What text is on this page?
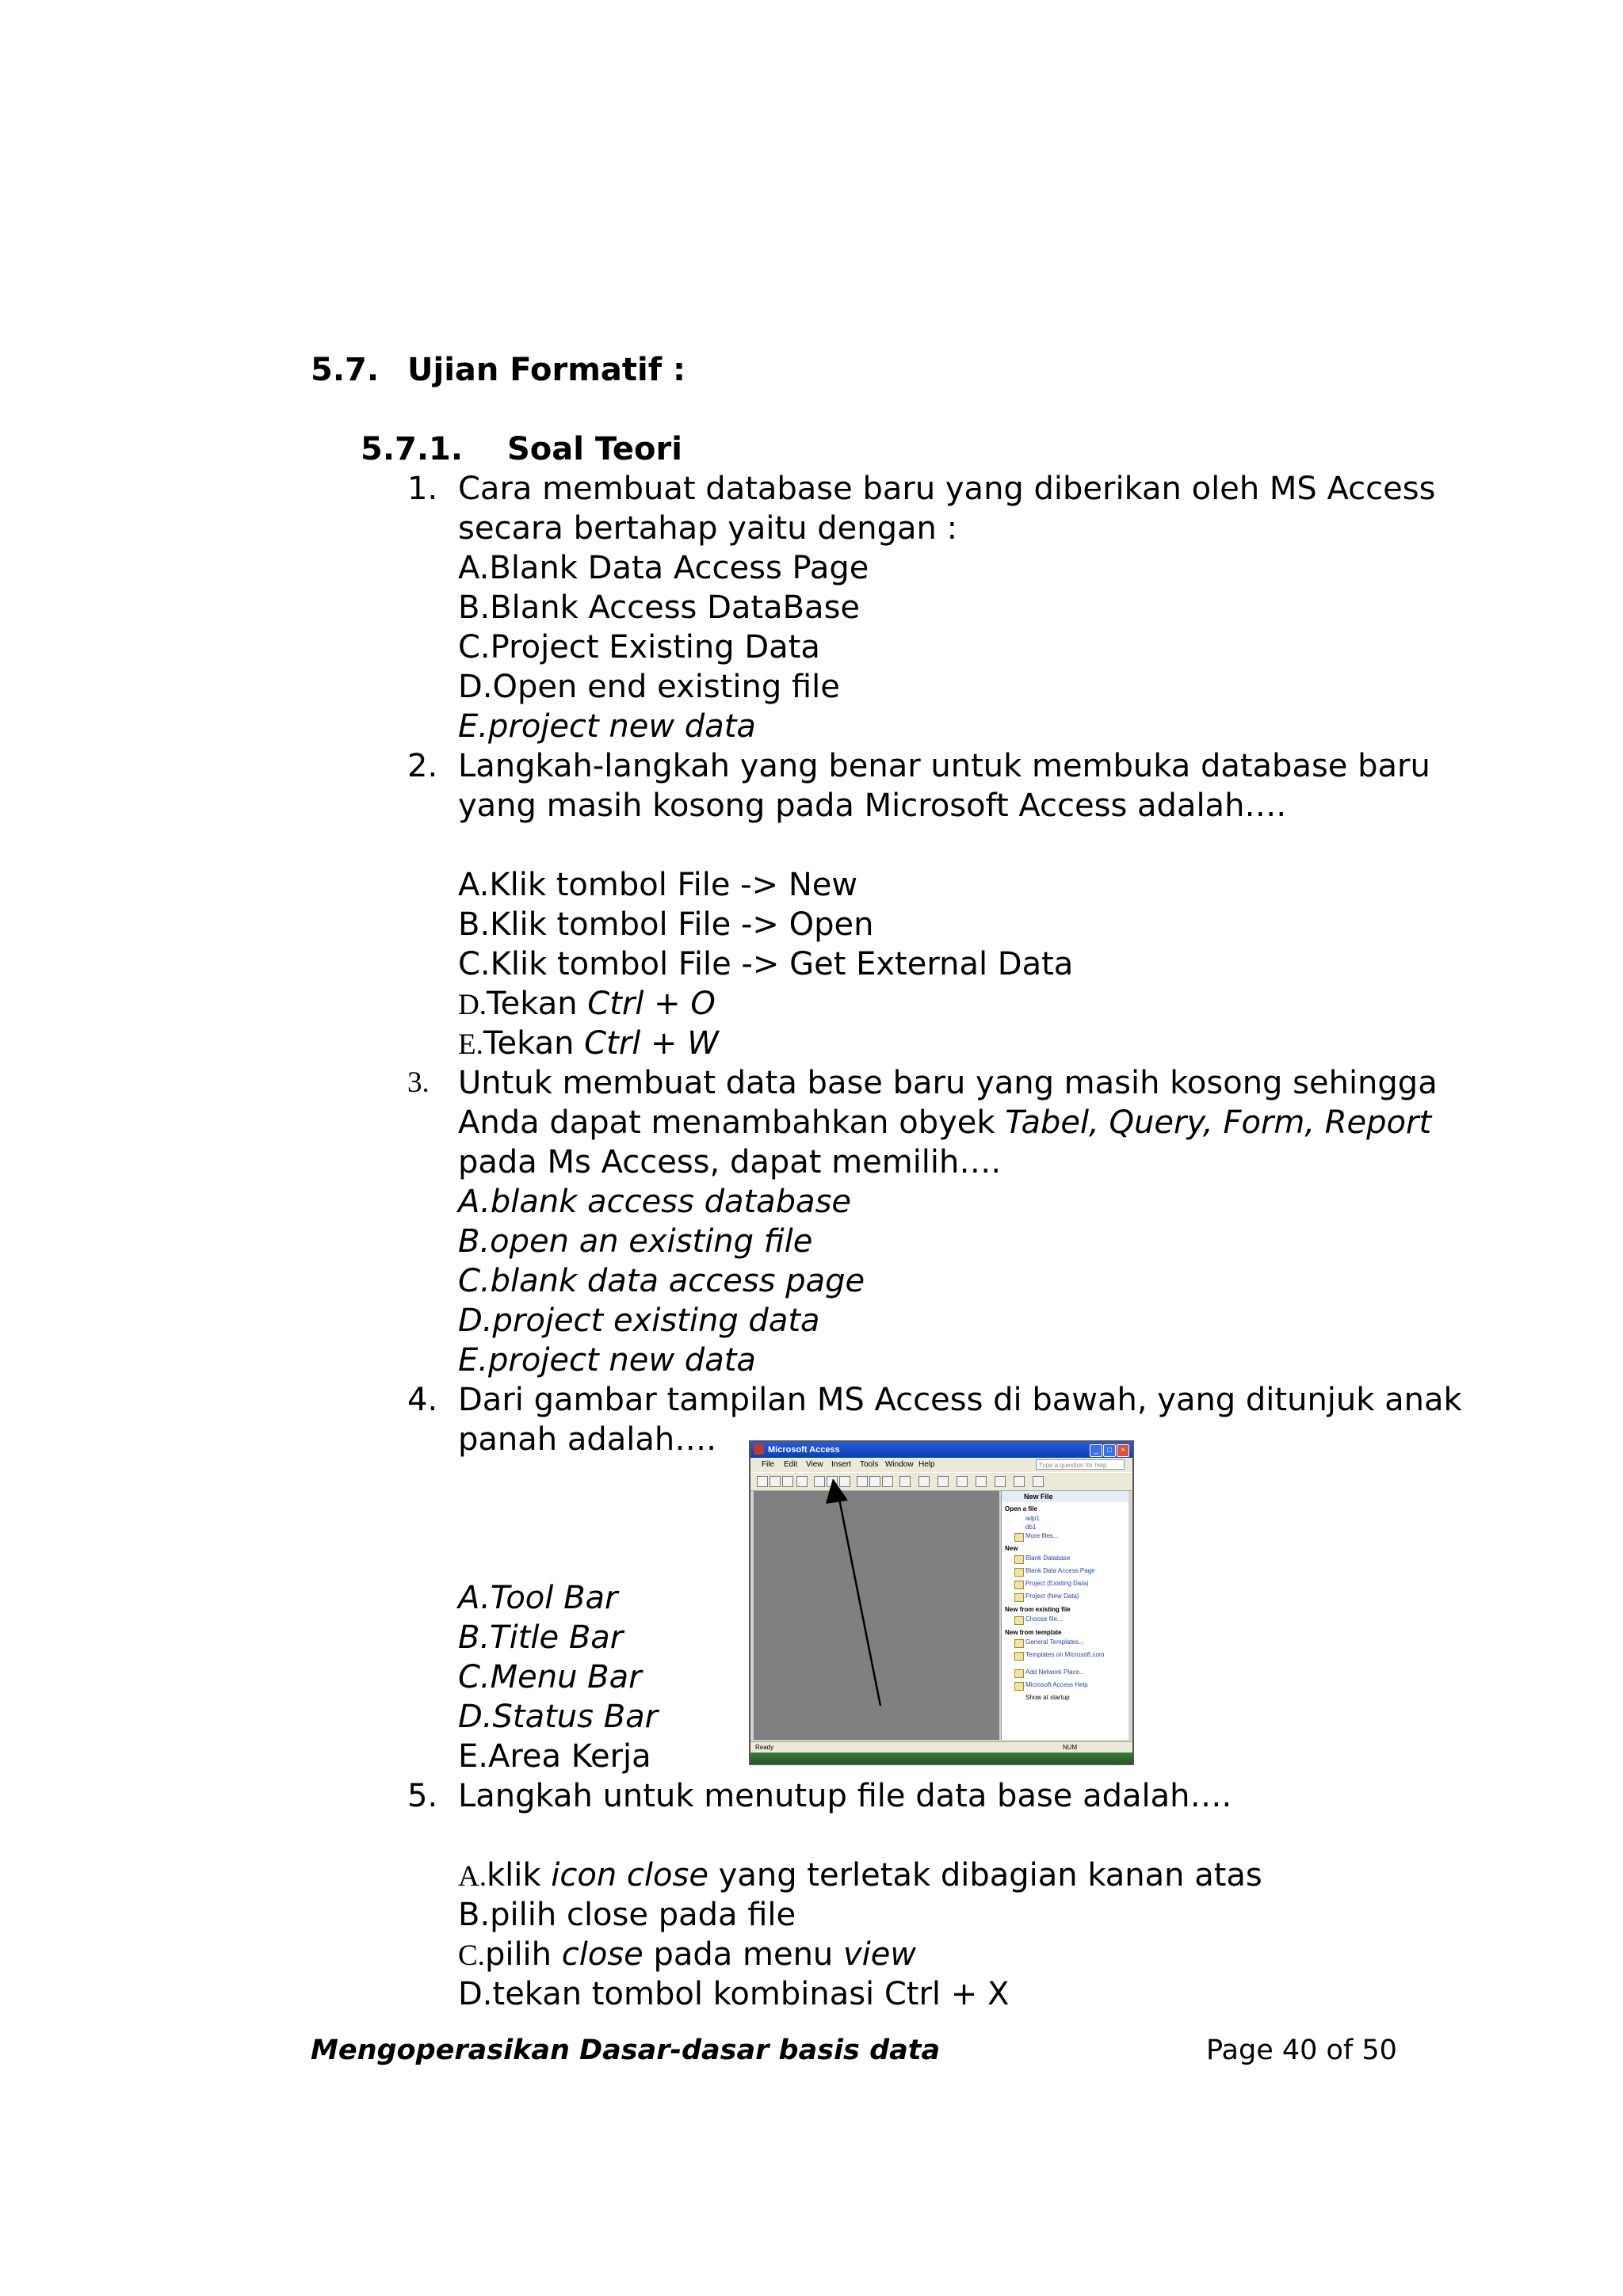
5.7. Ujian Formatif :
5.7.1. Soal Teori
1. Cara membuat database baru yang diberikan oleh MS Access
secara bertahap yaitu dengan :
A.Blank Data Access Page
B.Blank Access DataBase
C.Project Existing Data
D.Open end existing file
E.project new data
2. Langkah-langkah yang benar untuk membuka database baru
yang masih kosong pada Microsoft Access adalah….
A.Klik tombol File -> New
B.Klik tombol File -> Open
C.Klik tombol File -> Get External Data
D.Tekan Ctrl + O
E.Tekan Ctrl + W
3. Untuk membuat data base baru yang masih kosong sehingga
Anda dapat menambahkan obyek Tabel, Query, Form, Report
pada Ms Access, dapat memilih….
A.blank access database
B.open an existing file
C.blank data access page
D.project existing data
E.project new data
4. Dari gambar tampilan MS Access di bawah, yang ditunjuk anak
panah adalah….
A.Tool Bar
B.Title Bar
C.Menu Bar
D.Status Bar
E.Area Kerja
Microsoft Access	_	□	×
File Edit View Insert Tools Window Help	Type a question for help
New File
Open a file
adp1
db1
More files...
New
Blank Database
Blank Data Access Page
Project (Existing Data)
Project (New Data)
New from existing file
Choose file...
New from template
General Templates...
Templates on Microsoft.com
Add Network Place...
Microsoft Access Help
Show at startup
Ready	NUM
5. Langkah untuk menutup file data base adalah….
A.klik icon close yang terletak dibagian kanan atas
B.pilih close pada file
C.pilih close pada menu view
D.tekan tombol kombinasi Ctrl + X
Mengoperasikan Dasar-dasar basis data	Page 40 of 50
